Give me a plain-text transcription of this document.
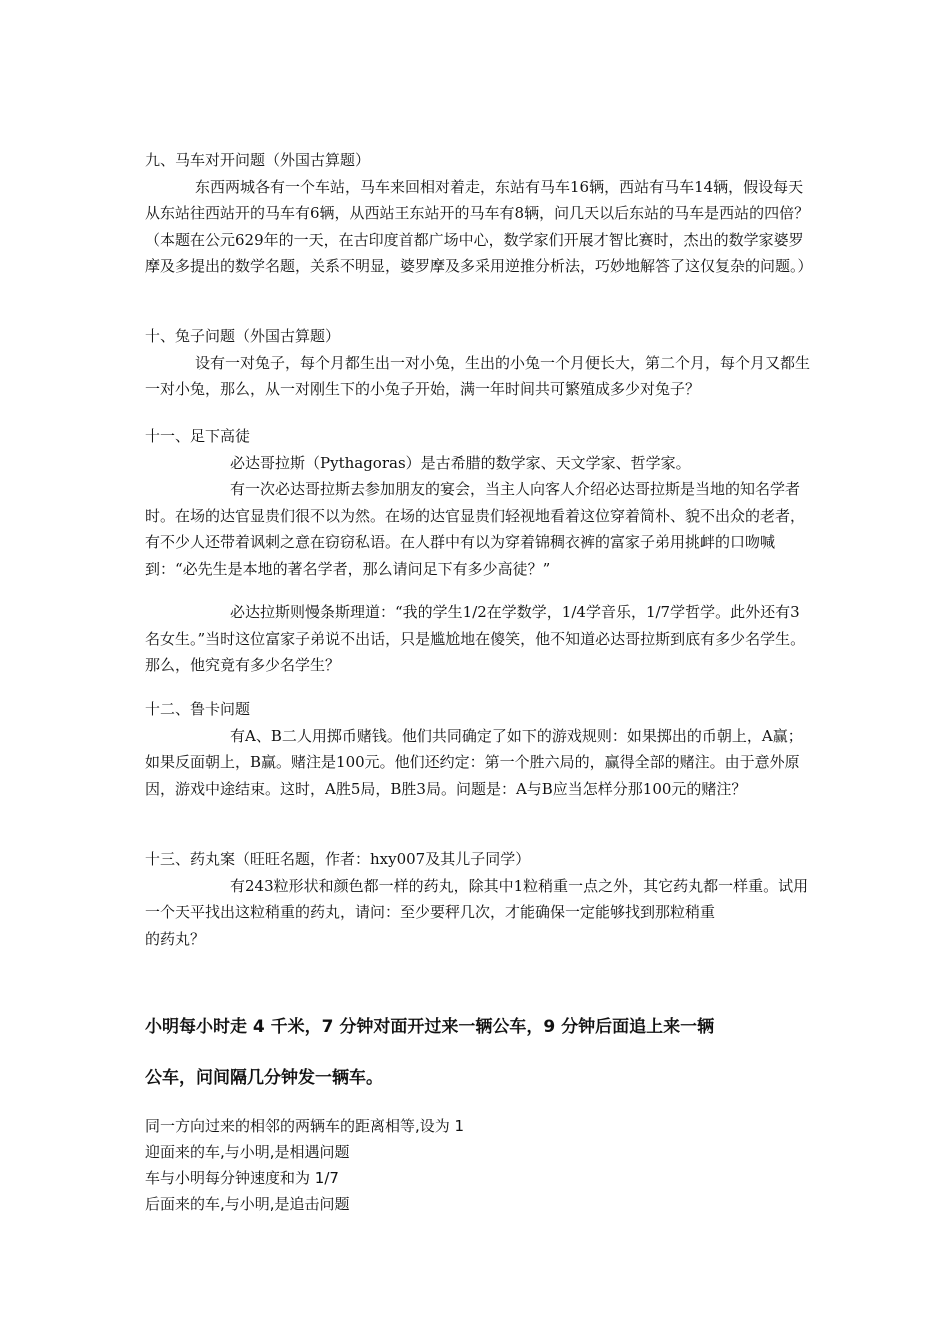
九、马车对开问题（外国古算题）

东西两城各有一个车站，马车来回相对着走，东站有马车16辆，西站有马车14辆，假设每天从东站往西站开的马车有6辆，从西站王东站开的马车有8辆，问几天以后东站的马车是西站的四倍？（本题在公元629年的一天，在古印度首都广场中心，数学家们开展才智比赛时，杰出的数学家婆罗摩及多提出的数学名题，关系不明显，婆罗摩及多采用逆推分析法，巧妙地解答了这仅复杂的问题。）

十、兔子问题（外国古算题）

设有一对兔子，每个月都生出一对小兔，生出的小兔一个月便长大，第二个月，每个月又都生一对小兔，那么，从一对刚生下的小兔子开始，满一年时间共可繁殖成多少对兔子？

十一、足下高徒

必达哥拉斯（Pythagoras）是古希腊的数学家、天文学家、哲学家。

有一次必达哥拉斯去参加朋友的宴会，当主人向客人介绍必达哥拉斯是当地的知名学者时。在场的达官显贵们很不以为然。在场的达官显贵们轻视地看着这位穿着简朴、貌不出众的老者，有不少人还带着讽刺之意在窃窃私语。在人群中有以为穿着锦稠衣裤的富家子弟用挑衅的口吻喊到：“必先生是本地的著名学者，那么请问足下有多少高徒？”

必达拉斯则慢条斯理道：“我的学生1/2在学数学，1/4学音乐，1/7学哲学。此外还有3名女生。”当时这位富家子弟说不出话，只是尴尬地在傻笑，他不知道必达哥拉斯到底有多少名学生。那么，他究竟有多少名学生？

十二、鲁卡问题

有A、B二人用掷币赌钱。他们共同确定了如下的游戏规则：如果掷出的币朝上，A赢；如果反面朝上，B赢。赌注是100元。他们还约定：第一个胜六局的，赢得全部的赌注。由于意外原因，游戏中途结束。这时，A胜5局，B胜3局。问题是：A与B应当怎样分那100元的赌注？

十三、药丸案（旺旺名题，作者：hxy007及其儿子同学）

有243粒形状和颜色都一样的药丸，除其中1粒稍重一点之外，其它药丸都一样重。试用一个天平找出这粒稍重的药丸，请问：至少要秤几次，才能确保一定能够找到那粒稍重

的药丸？

小明每小时走 4 千米，7 分钟对面开过来一辆公车，9 分钟后面追上来一辆

公车，问间隔几分钟发一辆车。

同一方向过来的相邻的两辆车的距离相等,设为 1
迎面来的车,与小明,是相遇问题
车与小明每分钟速度和为 1/7
后面来的车,与小明,是追击问题
